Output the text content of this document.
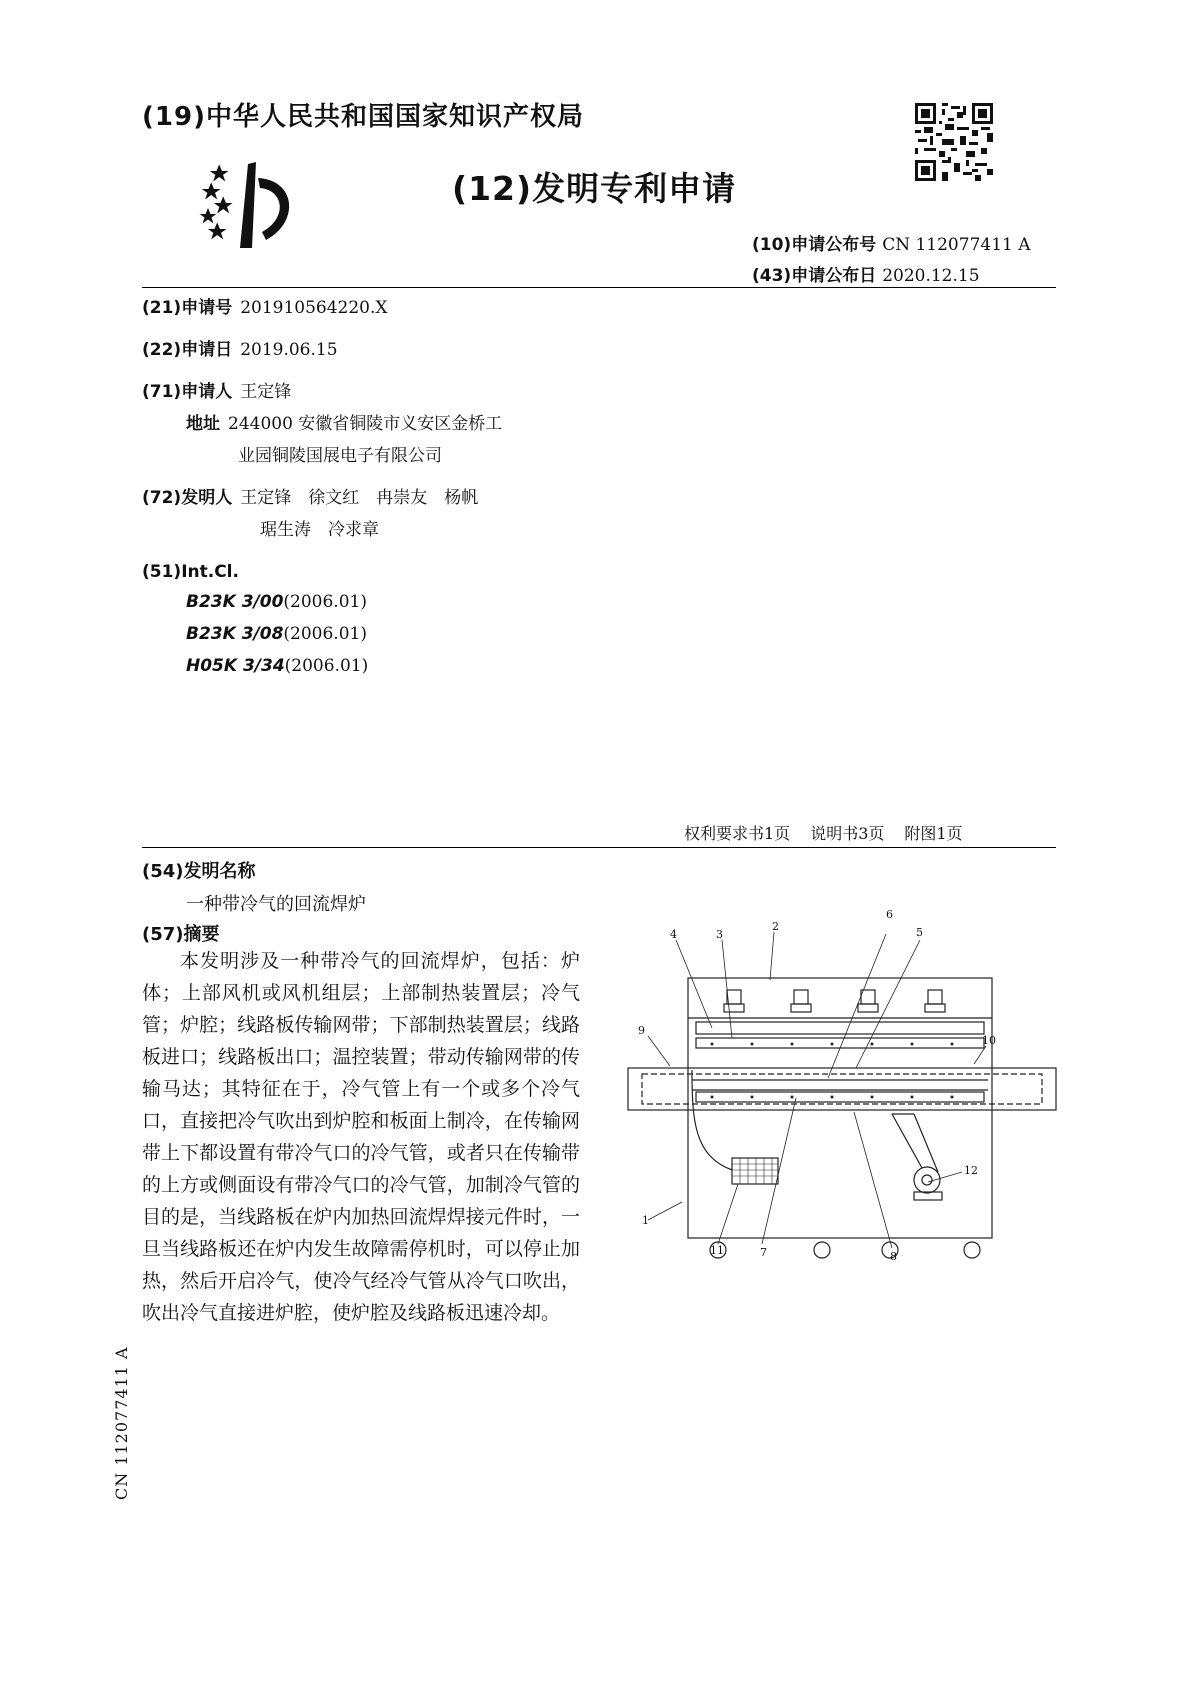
(19)中华人民共和国国家知识产权局
(12)发明专利申请
(10)申请公布号 CN 112077411 A
(43)申请公布日 2020.12.15
(21)申请号 201910564220.X
(22)申请日 2019.06.15
(71)申请人 王定锋
地址 244000 安徽省铜陵市义安区金桥工
业园铜陵国展电子有限公司
(72)发明人 王定锋　徐文红　冉崇友　杨帆
琚生涛　冷求章
(51)Int.Cl.
B23K 3/00(2006.01)
B23K 3/08(2006.01)
H05K 3/34(2006.01)
权利要求书1页 说明书3页 附图1页
(54)发明名称
一种带冷气的回流焊炉
(57)摘要
本发明涉及一种带冷气的回流焊炉，包括：炉体；上部风机或风机组层；上部制热装置层；冷气管；炉腔；线路板传输网带；下部制热装置层；线路板进口；线路板出口；温控装置；带动传输网带的传输马达；其特征在于，冷气管上有一个或多个冷气口，直接把冷气吹出到炉腔和板面上制冷，在传输网带上下都设置有带冷气口的冷气管，或者只在传输带的上方或侧面设有带冷气口的冷气管，加制冷气管的目的是，当线路板在炉内加热回流焊焊接元件时，一旦当线路板还在炉内发生故障需停机时，可以停止加热，然后开启冷气，使冷气经冷气管从冷气口吹出，吹出冷气直接进炉腔，使炉腔及线路板迅速冷却。
CN 112077411 A
1
2
3
4	5
6
7	8
9
10
11
12
